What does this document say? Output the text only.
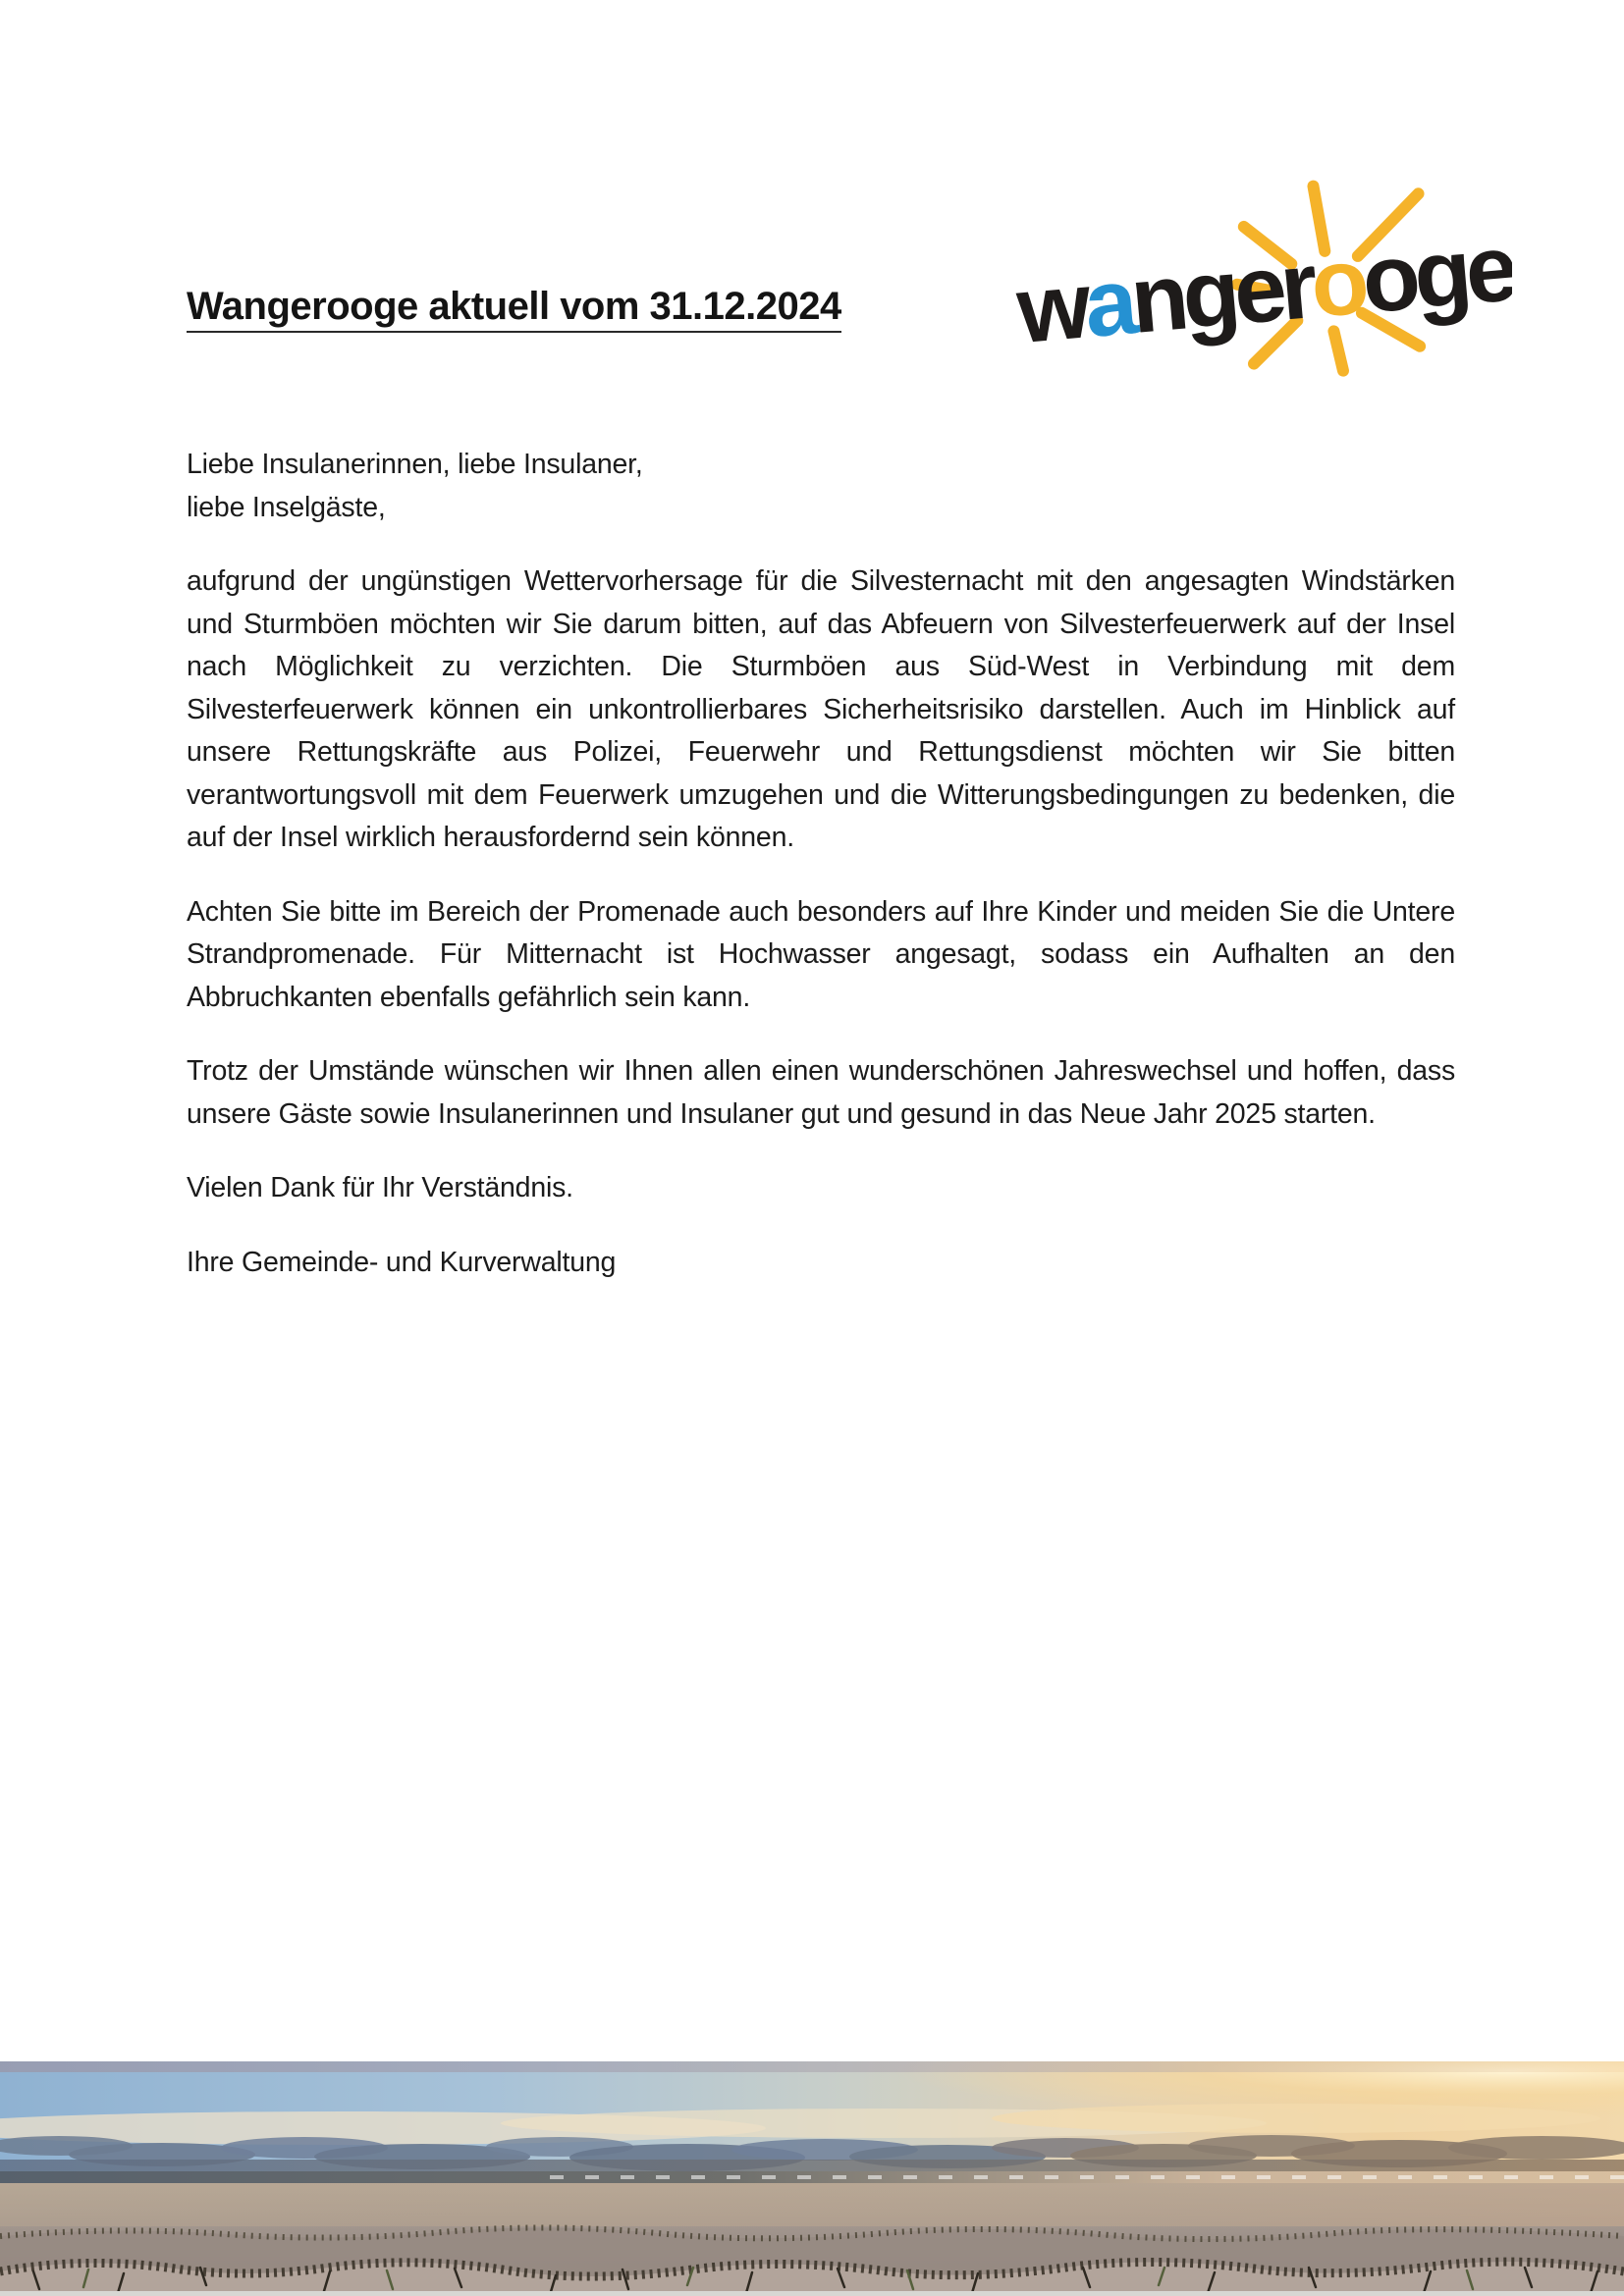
Wangerooge aktuell vom 31.12.2024 wangerooge
Liebe Insulanerinnen, liebe Insulaner,
liebe Inselgäste,

aufgrund der ungünstigen Wettervorhersage für die Silvesternacht mit den angesagten Windstärken und Sturmböen möchten wir Sie darum bitten, auf das Abfeuern von Silvesterfeuerwerk auf der Insel nach Möglichkeit zu verzichten. Die Sturmböen aus Süd-West in Verbindung mit dem Silvesterfeuerwerk können ein unkontrollierbares Sicherheitsrisiko darstellen. Auch im Hinblick auf unsere Rettungskräfte aus Polizei, Feuerwehr und Rettungsdienst möchten wir Sie bitten verantwortungsvoll mit dem Feuerwerk umzugehen und die Witterungsbedingungen zu bedenken, die auf der Insel wirklich herausfordernd sein können.

Achten Sie bitte im Bereich der Promenade auch besonders auf Ihre Kinder und meiden Sie die Untere Strandpromenade. Für Mitternacht ist Hochwasser angesagt, sodass ein Aufhalten an den Abbruchkanten ebenfalls gefährlich sein kann.

Trotz der Umstände wünschen wir Ihnen allen einen wunderschönen Jahreswechsel und hoffen, dass unsere Gäste sowie Insulanerinnen und Insulaner gut und gesund in das Neue Jahr 2025 starten.

Vielen Dank für Ihr Verständnis.

Ihre Gemeinde- und Kurverwaltung
